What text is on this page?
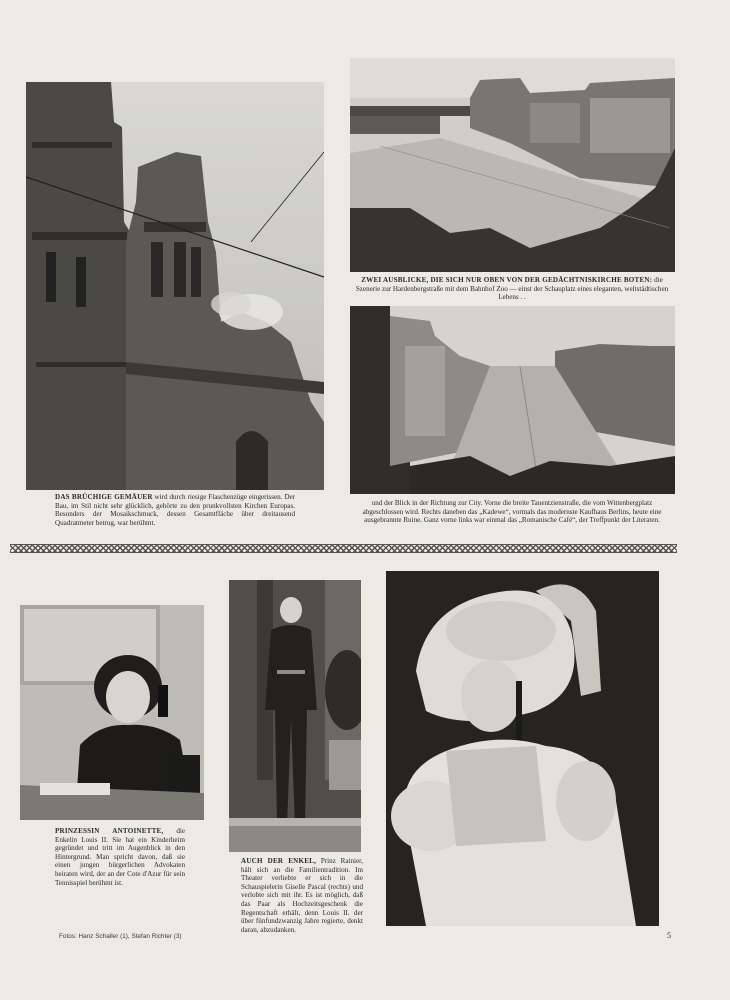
DAS BRÜCHIGE GEMÄUER wird durch riesige Flaschenzüge eingerissen. Der Bau, im Stil nicht sehr glücklich, gehörte zu den prunkvollsten Kirchen Europas. Besonders der Mosaikschmuck, dessen Gesamtfläche über dreitausend Quadratmeter betrug, war berühmt.

ZWEI AUSBLICKE, DIE SICH NUR OBEN VON DER GEDÄCHTNISKIRCHE BOTEN: die Szenerie zur Hardenbergstraße mit dem Bahnhof Zoo — einst der Schauplatz eines eleganten, weltstädtischen Lebens . .

und der Blick in der Richtung zur City. Vorne die breite Tauentzienstraße, die vom Wittenbergplatz abgeschlossen wird. Rechts daneben das „Kadewe“, vormals das modernste Kaufhaus Berlins, heute eine ausgebrannte Ruine. Ganz vorne links war einmal das „Romanische Café“, der Treffpunkt der Literaten.

PRINZESSIN ANTOINETTE, die Enkelin Louis II. Sie hat ein Kinderheim gegründet und tritt im Augenblick in den Hintergrund. Man spricht davon, daß sie einen jungen bürgerlichen Advokaten heiraten wird, der an der Cote d'Azur für sein Tennisspiel berühmt ist.

AUCH DER ENKEL, Prinz Rainier, hält sich an die Familientradition. Im Theater verliebte er sich in die Schauspielerin Giselle Pascal (rechts) und verlobte sich mit ihr. Es ist möglich, daß das Paar als Hochzeitsgeschenk die Regentschaft erhält, denn Louis II. der über fünfundzwanzig Jahre regierte, denkt daran, abzudanken.

Fotos: Hanz Schaller (1), Stefan Richter (3)	5
